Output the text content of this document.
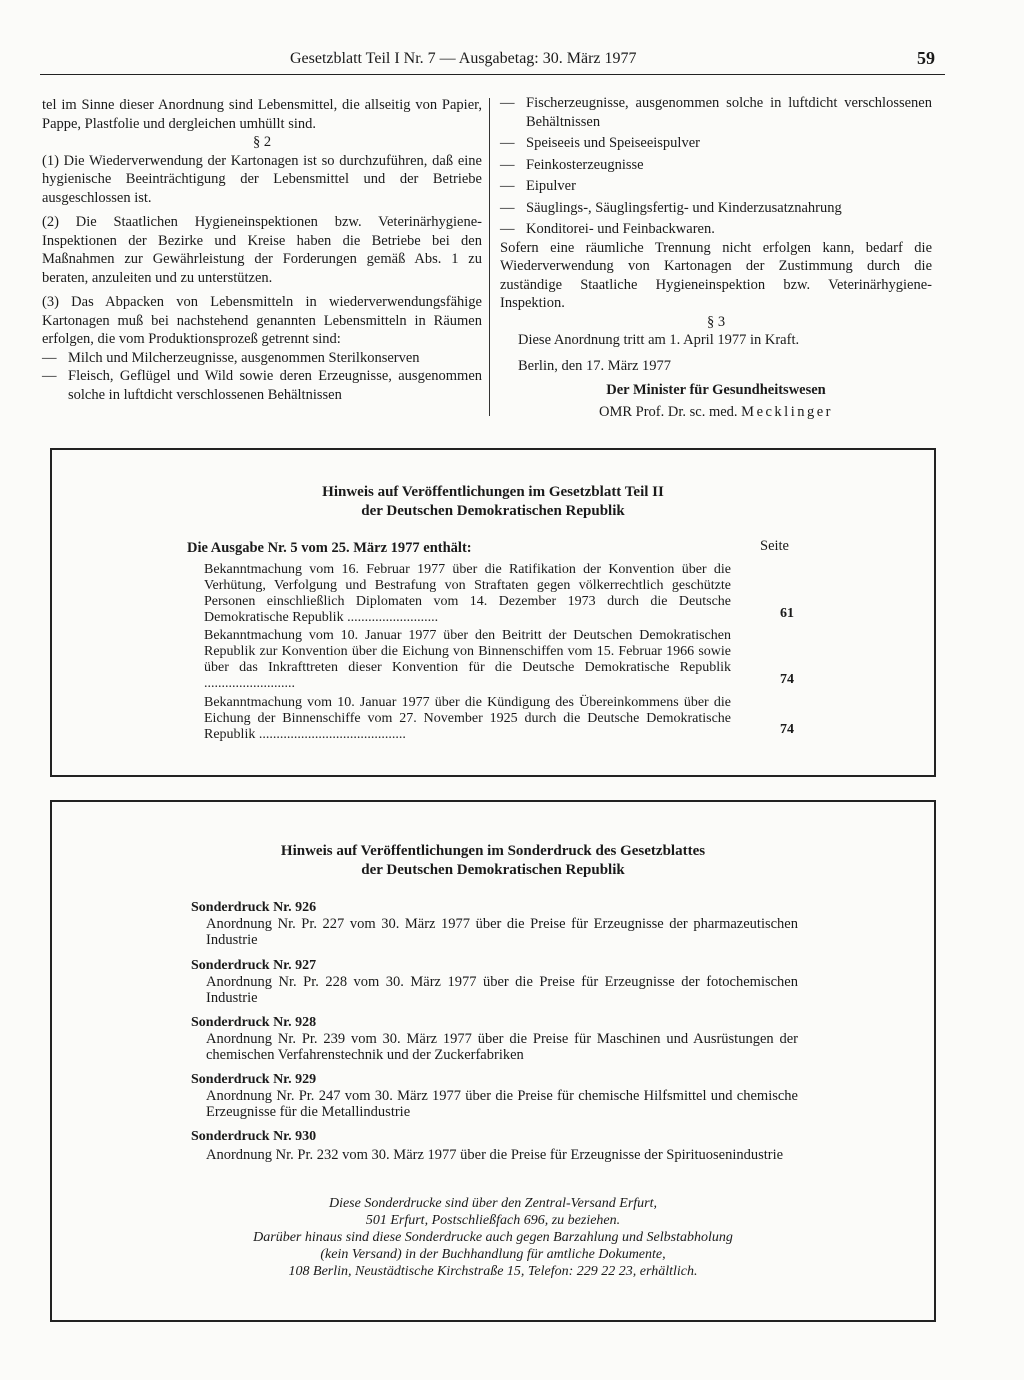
Gesetzblatt Teil I Nr. 7 — Ausgabetag: 30. März 1977	59

tel im Sinne dieser Anordnung sind Lebensmittel, die allseitig von Papier, Pappe, Plastfolie und dergleichen umhüllt sind.

§ 2

(1) Die Wiederverwendung der Kartonagen ist so durchzuführen, daß eine hygienische Beeinträchtigung der Lebensmittel und der Betriebe ausgeschlossen ist.

(2) Die Staatlichen Hygieneinspektionen bzw. Veterinärhygiene-Inspektionen der Bezirke und Kreise haben die Betriebe bei den Maßnahmen zur Gewährleistung der Forderungen gemäß Abs. 1 zu beraten, anzuleiten und zu unterstützen.

(3) Das Abpacken von Lebensmitteln in wiederverwendungsfähige Kartonagen muß bei nachstehend genannten Lebensmitteln in Räumen erfolgen, die vom Produktionsprozeß getrennt sind:

— Milch und Milcherzeugnisse, ausgenommen Sterilkonserven
— Fleisch, Geflügel und Wild sowie deren Erzeugnisse, ausgenommen solche in luftdicht verschlossenen Behältnissen
— Fischerzeugnisse, ausgenommen solche in luftdicht verschlossenen Behältnissen
— Speiseeis und Speiseeispulver
— Feinkosterzeugnisse
— Eipulver
— Säuglings-, Säuglingsfertig- und Kinderzusatznahrung
— Konditorei- und Feinbackwaren.

Sofern eine räumliche Trennung nicht erfolgen kann, bedarf die Wiederverwendung von Kartonagen der Zustimmung durch die zuständige Staatliche Hygieneinspektion bzw. Veterinärhygiene-Inspektion.

§ 3

Diese Anordnung tritt am 1. April 1977 in Kraft.

Berlin, den 17. März 1977

Der Minister für Gesundheitswesen

OMR Prof. Dr. sc. med. Mecklinger

Hinweis auf Veröffentlichungen im Gesetzblatt Teil II
der Deutschen Demokratischen Republik
Die Ausgabe Nr. 5 vom 25. März 1977 enthält:	Seite
Bekanntmachung vom 16. Februar 1977 über die Ratifikation der Konvention über die Verhütung, Verfolgung und Bestrafung von Straftaten gegen völkerrechtlich geschützte Personen einschließlich Diplomaten vom 14. Dezember 1973 durch die Deutsche Demokratische Republik ..........................	61
Bekanntmachung vom 10. Januar 1977 über den Beitritt der Deutschen Demokratischen Republik zur Konvention über die Eichung von Binnenschiffen vom 15. Februar 1966 sowie über das Inkrafttreten dieser Konvention für die Deutsche Demokratische Republik ..........................	74
Bekanntmachung vom 10. Januar 1977 über die Kündigung des Übereinkommens über die Eichung der Binnenschiffe vom 27. November 1925 durch die Deutsche Demokratische Republik ..........................................	74
Hinweis auf Veröffentlichungen im Sonderdruck des Gesetzblattes
der Deutschen Demokratischen Republik
Sonderdruck Nr. 926
Anordnung Nr. Pr. 227 vom 30. März 1977 über die Preise für Erzeugnisse der pharmazeutischen Industrie
Sonderdruck Nr. 927
Anordnung Nr. Pr. 228 vom 30. März 1977 über die Preise für Erzeugnisse der fotochemischen Industrie
Sonderdruck Nr. 928
Anordnung Nr. Pr. 239 vom 30. März 1977 über die Preise für Maschinen und Ausrüstungen der chemischen Verfahrenstechnik und der Zuckerfabriken
Sonderdruck Nr. 929
Anordnung Nr. Pr. 247 vom 30. März 1977 über die Preise für chemische Hilfsmittel und chemische Erzeugnisse für die Metallindustrie
Sonderdruck Nr. 930
Anordnung Nr. Pr. 232 vom 30. März 1977 über die Preise für Erzeugnisse der Spirituosenindustrie
Diese Sonderdrucke sind über den Zentral-Versand Erfurt,
501 Erfurt, Postschließfach 696, zu beziehen.
Darüber hinaus sind diese Sonderdrucke auch gegen Barzahlung und Selbstabholung
(kein Versand) in der Buchhandlung für amtliche Dokumente,
108 Berlin, Neustädtische Kirchstraße 15, Telefon: 229 22 23, erhältlich.
